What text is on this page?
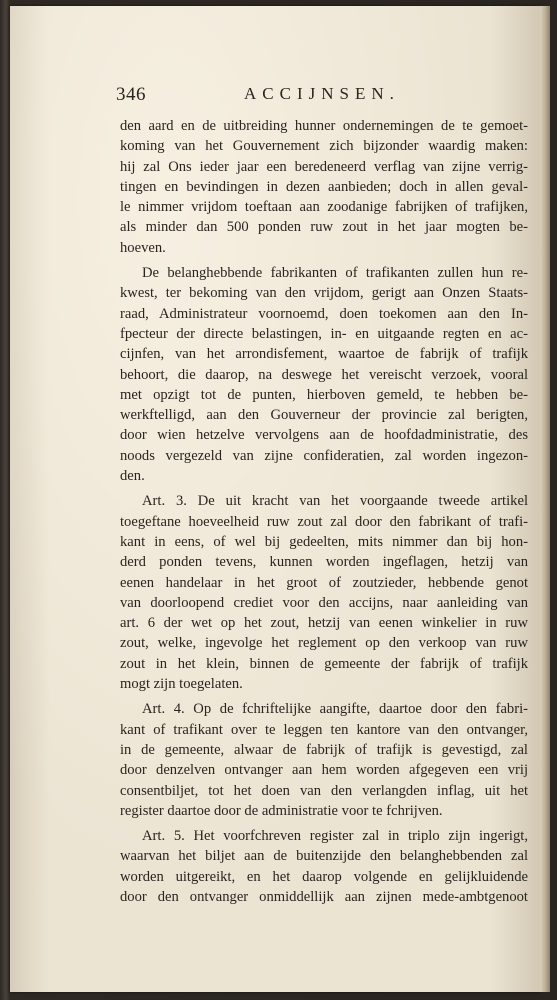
346	ACCIJNSEN.
den aard en de uitbreiding hunner ondernemingen de te gemoet-
koming van het Gouvernement zich bijzonder waardig maken:
hij zal Ons ieder jaar een beredeneerd verflag van zijne verrig-
tingen en bevindingen in dezen aanbieden; doch in allen geval-
le nimmer vrijdom toeftaan aan zoodanige fabrijken of trafijken,
als minder dan 500 ponden ruw zout in het jaar mogten be-
hoeven.
De belanghebbende fabrikanten of trafikanten zullen hun re-
kwest, ter bekoming van den vrijdom, gerigt aan Onzen Staats-
raad, Administrateur voornoemd, doen toekomen aan den In-
fpecteur der directe belastingen, in- en uitgaande regten en ac-
cijnfen, van het arrondisfement, waartoe de fabrijk of trafijk
behoort, die daarop, na deswege het vereischt verzoek, vooral
met opzigt tot de punten, hierboven gemeld, te hebben be-
werkftelligd, aan den Gouverneur der provincie zal berigten,
door wien hetzelve vervolgens aan de hoofdadministratie, des
noods vergezeld van zijne confideratien, zal worden ingezon-
den.
Art. 3. De uit kracht van het voorgaande tweede artikel
toegeftane hoeveelheid ruw zout zal door den fabrikant of trafi-
kant in eens, of wel bij gedeelten, mits nimmer dan bij hon-
derd ponden tevens, kunnen worden ingeflagen, hetzij van
eenen handelaar in het groot of zoutzieder, hebbende genot
van doorloopend crediet voor den accijns, naar aanleiding van
art. 6 der wet op het zout, hetzij van eenen winkelier in ruw
zout, welke, ingevolge het reglement op den verkoop van ruw
zout in het klein, binnen de gemeente der fabrijk of trafijk
mogt zijn toegelaten.
Art. 4. Op de fchriftelijke aangifte, daartoe door den fabri-
kant of trafikant over te leggen ten kantore van den ontvanger,
in de gemeente, alwaar de fabrijk of trafijk is gevestigd, zal
door denzelven ontvanger aan hem worden afgegeven een vrij
consentbiljet, tot het doen van den verlangden inflag, uit het
register daartoe door de administratie voor te fchrijven.
Art. 5. Het voorfchreven register zal in triplo zijn ingerigt,
waarvan het biljet aan de buitenzijde den belanghebbenden zal
worden uitgereikt, en het daarop volgende en gelijkluidende
door den ontvanger onmiddellijk aan zijnen mede-ambtgenoot
